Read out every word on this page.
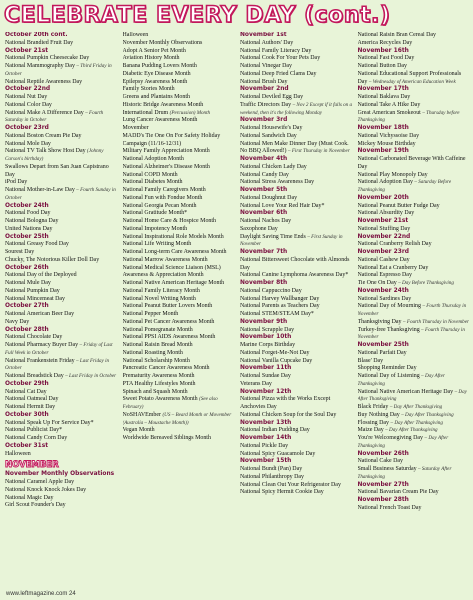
CELEBRATE EVERY DAY (cont.)
October 20th cont.
National Brandied Fruit Day
October 21st
National Pumpkin Cheesecake Day
National Mammography Day – Third Friday in October
National Reptile Awareness Day
October 22nd
National Nut Day
National Color Day
National Make A Difference Day – Fourth Saturday in October
October 23rd
National Boston Cream Pie Day
National Mole Day
National TV Talk Show Host Day (Johnny Carson's birthday)
Swallows Depart from San Juan Capistrano Day
iPod Day
National Mother-in-Law Day – Fourth Sunday in October
October 24th
National Food Day
National Bologna Day
United Nations Day
October 25th
National Greasy Food Day
Sourest Day
Chucky, The Notorious Killer Doll Day
October 26th
National Day of the Deployed
National Mule Day
National Pumpkin Day
National Mincemeat Day
October 27th
National American Beer Day
Navy Day
October 28th
National Chocolate Day
National Pharmacy Buyer Day – Friday of Last Full Week in October
National Frankenstein Friday – Last Friday in October
National Breadstick Day – Last Friday in October
October 29th
National Cat Day
National Oatmeal Day
National Hermit Day
October 30th
National Speak Up For Service Day*
National Publicist Day*
National Candy Corn Day
October 31st
Halloween
NOVEMBER
November Monthly Observations
National Caramel Apple Day
National Knock Knock Jokes Day
National Magic Day
Girl Scout Founder's Day
Halloween
November Monthly Observations
Adopt A Senior Pet Month
Aviation History Month
Banana Pudding Lovers Month
Diabetic Eye Disease Month
Epilepsy Awareness Month
Family Stories Month
Greens and Plantains Month
Historic Bridge Awareness Month
International Drum (Percussion) Month
Lung Cancer Awareness Month
Movember
MADD's Tie One On For Safety Holiday Campaign (11/16-12/31)
Military Family Appreciation Month
National Adoption Month
National Alzheimer's Disease Month
National COPD Month
National Diabetes Month
National Family Caregivers Month
National Fun with Fondue Month
National Georgia Pecan Month
National Gratitude Month*
National Home Care & Hospice Month
National Impotency Month
National Inspirational Role Models Month
National Life Writing Month
National Long-term Care Awareness Month
National Marrow Awareness Month
National Medical Science Liaison (MSL) Awareness & Appreciation Month
National Native American Heritage Month
National Family Literacy Month
National Novel Writing Month
National Peanut Butter Lovers Month
National Pepper Month
National Pet Cancer Awareness Month
National Pomegranate Month
National PPSI AIDS Awareness Month
National Raisin Bread Month
National Roasting Month
National Scholarship Month
Pancreatic Cancer Awareness Month
Prematurity Awareness Month
PTA Healthy Lifestyles Month
Spinach and Squash Month
Sweet Potato Awareness Month (See also February)
NoSHAVEmber (US – Beard Month or Movember (Australia – Moustache Month))
Vegan Month
Worldwide Bereaved Siblings Month
November 1st
National Authors' Day
National Family Literacy Day
National Cook For Your Pets Day
National Vinegar Day
National Deep Fried Clams Day
National Brush Day
November 2nd
National Deviled Egg Day
Traffic Directors Day – Nov 2 Except if it falls on a weekend, then it's the following Monday
November 3rd
National Housewife's Day
National Sandwich Day
National Men Make Dinner Day (Must Cook. No BBQ Allowed!) – First Thursday in November
November 4th
National Chicken Lady Day
National Candy Day
National Stress Awareness Day
November 5th
National Doughnut Day
National Love Your Red Hair Day*
November 6th
National Nachos Day
Saxophone Day
Daylight Saving Time Ends – First Sunday in November
November 7th
National Bittersweet Chocolate with Almonds Day
National Canine Lymphoma Awareness Day*
November 8th
National Cappuccino Day
National Harvey Wallbanger Day
National Parents as Teachers Day
National STEM/STEAM Day*
November 9th
National Scrapple Day
November 10th
Marine Corps Birthday
National Forget-Me-Not Day
National Vanilla Cupcake Day
November 11th
National Sundae Day
Veterans Day
November 12th
National Pizza with the Works Except Anchovies Day
National Chicken Soup for the Soul Day
November 13th
National Indian Pudding Day
November 14th
National Pickle Day
National Spicy Guacamole Day
November 15th
National Bundt (Pan) Day
National Philanthropy Day
National Clean Out Your Refrigerator Day
National Spicy Hermit Cookie Day
National Raisin Bran Cereal Day
America Recycles Day
November 16th
National Fast Food Day
National Button Day
National Educational Support Professionals Day – Wednesday of American Education Week
November 17th
National Baklava Day
National Take A Hike Day
Great American Smokeout – Thursday before Thanksgiving
November 18th
National Vichyssoise Day
Mickey Mouse Birthday
November 19th
National Carbonated Beverage With Caffeine Day
National Play Monopoly Day
National Adoption Day – Saturday Before Thanksgiving
November 20th
National Peanut Butter Fudge Day
National Absurdity Day
November 21st
National Stuffing Day
November 22nd
National Cranberry Relish Day
November 23rd
National Cashew Day
National Eat a Cranberry Day
National Espresso Day
Tie One On Day – Day Before Thanksgiving
November 24th
National Sardines Day
National Day of Mourning – Fourth Thursday in November
Thanksgiving Day – Fourth Thursday in November
Turkey-free Thanksgiving – Fourth Thursday in November
November 25th
National Parfait Day
Blase' Day
Shopping Reminder Day
National Day of Listening – Day After Thanksgiving
National Native American Heritage Day – Day After Thanksgiving
Black Friday – Day After Thanksgiving
Buy Nothing Day – Day After Thanksgiving
Flossing Day – Day After Thanksgiving
Maize Day – Day After Thanksgiving
You're Welcomegiving Day – Day After Thanksgiving
November 26th
National Cake Day
Small Business Saturday – Saturday After Thanksgiving
November 27th
National Bavarian Cream Pie Day
November 28th
National French Toast Day
www.leftmagazine.com 24
